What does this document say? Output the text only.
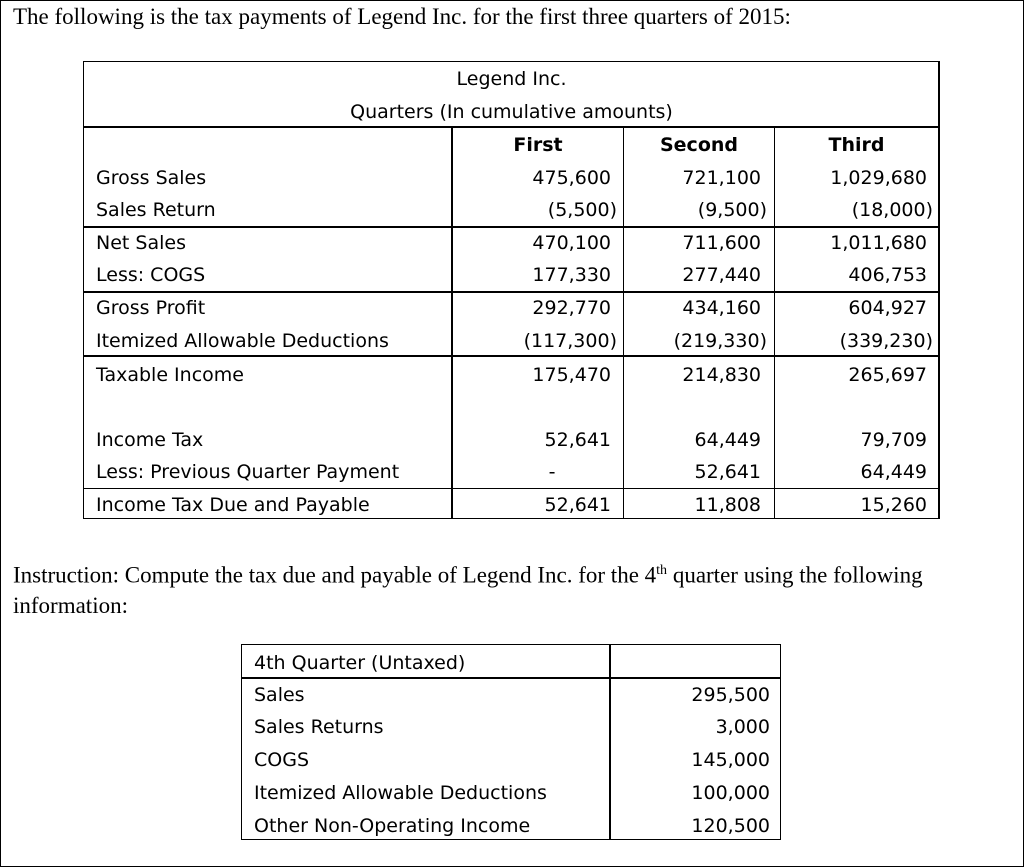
The following is the tax payments of Legend Inc. for the first three quarters of 2015:
Legend Inc.
Quarters (In cumulative amounts)
First	Second	Third
Gross Sales	475,600	721,100	1,029,680
Sales Return	(5,500)	(9,500)	(18,000)
Net Sales	470,100	711,600	1,011,680
Less: COGS	177,330	277,440	406,753
Gross Profit	292,770	434,160	604,927
Itemized Allowable Deductions	(117,300)	(219,330)	(339,230)
Taxable Income	175,470	214,830	265,697
Income Tax	52,641	64,449	79,709
Less: Previous Quarter Payment	-	52,641	64,449
Income Tax Due and Payable	52,641	11,808	15,260
Instruction: Compute the tax due and payable of Legend Inc. for the 4th quarter using the following information:
4th Quarter (Untaxed)
Sales	295,500
Sales Returns	3,000
COGS	145,000
Itemized Allowable Deductions	100,000
Other Non-Operating Income	120,500
